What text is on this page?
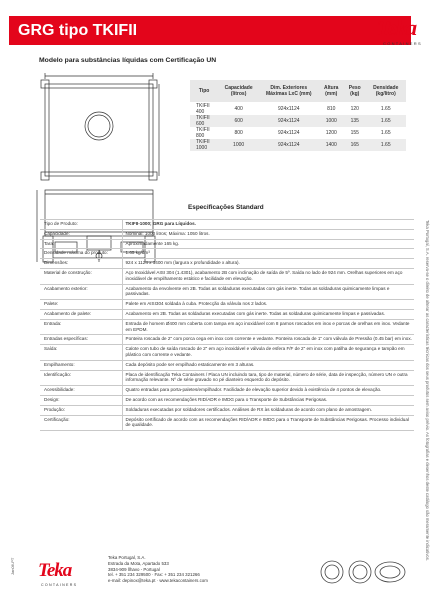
GRG tipo TKIFII	Teka
CONTAINERS
Teka Portugal, S.A. reserva-se o direito de alterar as características técnicas dos seus produtos sem aviso prévio. As fotografias e desenhos deste catálogo são meramente indicativos.
Jan06-PT
Modelo para substâncias líquidas com Certificação UN
Tipo	Capacidade (litros)	Dim. Exteriores Máximas LxC (mm)	Altura (mm)	Peso (kg)	Densidade (kg/litro)
TKIFII 400	400	924x1124	810	120	1.65
TKIFII 600	600	924x1124	1000	135	1.65
TKIFII 800	800	924x1124	1200	155	1.65
TKIFII 1000	1000	924x1124	1400	165	1.65
Especificações Standard
Tipo de Produto:	TKIFII-1000; GRG para Líquidos.
Capacidade:	Nominal: 1000 litros; Máxima: 1050 litros.
Tara:	Aproximadamente 165 kg.
Densidade máxima do produto:	1.65 kg/dm³
Dimensões:	924 x 1124 x 1400 mm (largura x profundidade x altura).
Material de construção:	Aço Inoxidável AISI 304 (1.4301), acabamento 2B com inclinação de saída de 5º. Saída no lado de 924 mm. Orelhas superiores em aço inoxidável de empilhamento estático e facilidade em elevação.
Acabamento exterior:	Acabamento da envolvente em 2B. Todas as soldaduras executadas com gás inerte. Todas as soldaduras quimicamente limpas e passivadas.
Palete:	Palete em AISI304 soldada à cuba. Protecção da válvula nos 2 lados.
Acabamento de palete:	Acabamento em 2B. Todas as soldaduras executadas com gás inerte. Todas as soldaduras quimicamente limpas e passivadas.
Entrada:	Entrada de homem Ø400 mm coberta com tampa em aço inoxidável com 8 parnos roscados em inox e porcas de orelhas em inox. Vedante em EPDM.
Entradas específicas:	Ponteira roscada de 2" com porca cega em inox com corrente e vedante. Ponteira roscada de 1" com válvula de Pressão (0.45 bar) em inox.
Saída:	Calote com tubo de saída roscado de 2" em aço inoxidável e válvula de esfera F/F de 2" em inox com patilha de segurança e tampão em plástico com corrente e vedante.
Empilhamento:	Cada depósito pode ser empilhado estaticamente em 3 alturas.
Identificação:	Placa de identificação Teka Containers / Placa UN incluindo tara, tipo de material, número de série, data de inspecção, número UN e outra informação relevante. Nº de série gravado no pé dianteiro esquerdo do depósito.
Acessibilidade:	Quatro entradas para porta-paletes/empilhador. Facilidade de elevação superior devido à existência de 4 pontos de elevação.
Design:	De acordo com as recomendações RID/ADR e IMDG para o Transporte de Substâncias Perigosas.
Produção:	Soldaduras executadas por soldadores certificados. Análises de RX às soldaduras de acordo com plano de amostragem.
Certificação:	Depósito certificado de acordo com as recomendações RID/ADR e IMDG para o Transporte de Substâncias Perigosas. Processo individual de qualidade.
Teka
CONTAINERS
Teka Portugal, S.A.
Estrada da Mota, Apartado 533
3834-909 Ílhavo - Portugal
tel. + 351 234 329500 · Fax: + 351 234 321266
e-mail: depinox@teka.pt · www.tekacontainers.com
